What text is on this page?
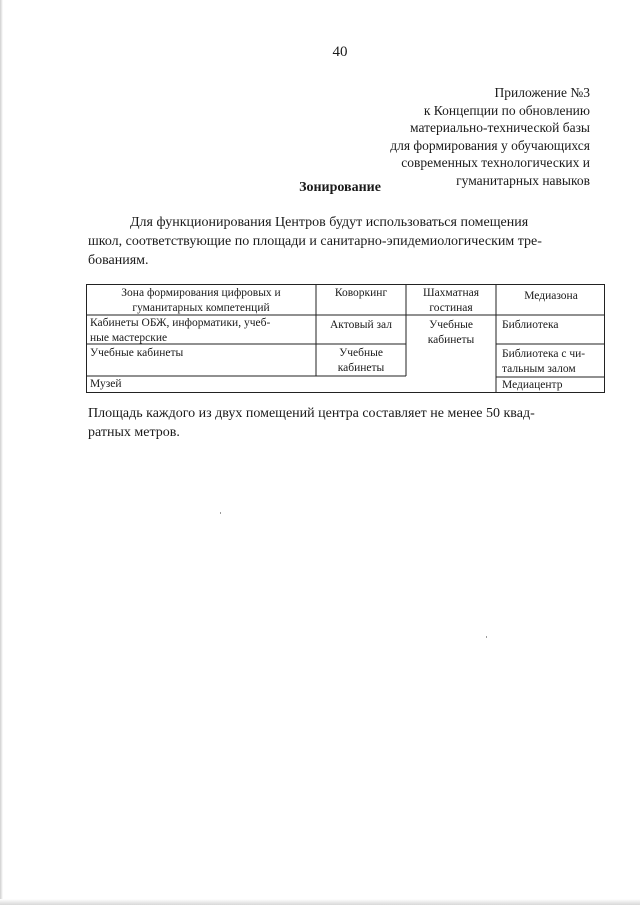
40
Приложение №3
к Концепции по обновлению
материально-технической базы
для формирования у обучающихся
современных технологических и
гуманитарных навыков
Зонирование
Для функционирования Центров будут использоваться помещения
школ, соответствующие по площади и санитарно-эпидемиологическим тре-
бованиям.
Зона формирования цифровых и
гуманитарных компетенций
Коворкинг	Шахматная
гостиная
Медиазона
Кабинеты ОБЖ, информатики, учеб-
ные мастерские
Учебные кабинеты
Музей
Актовый зал
Учебные
кабинеты
Учебные
кабинеты
Библиотека
Библиотека с чи-
тальным залом
Медиацентр
Площадь каждого из двух помещений центра составляет не менее 50 квад-
ратных метров.
